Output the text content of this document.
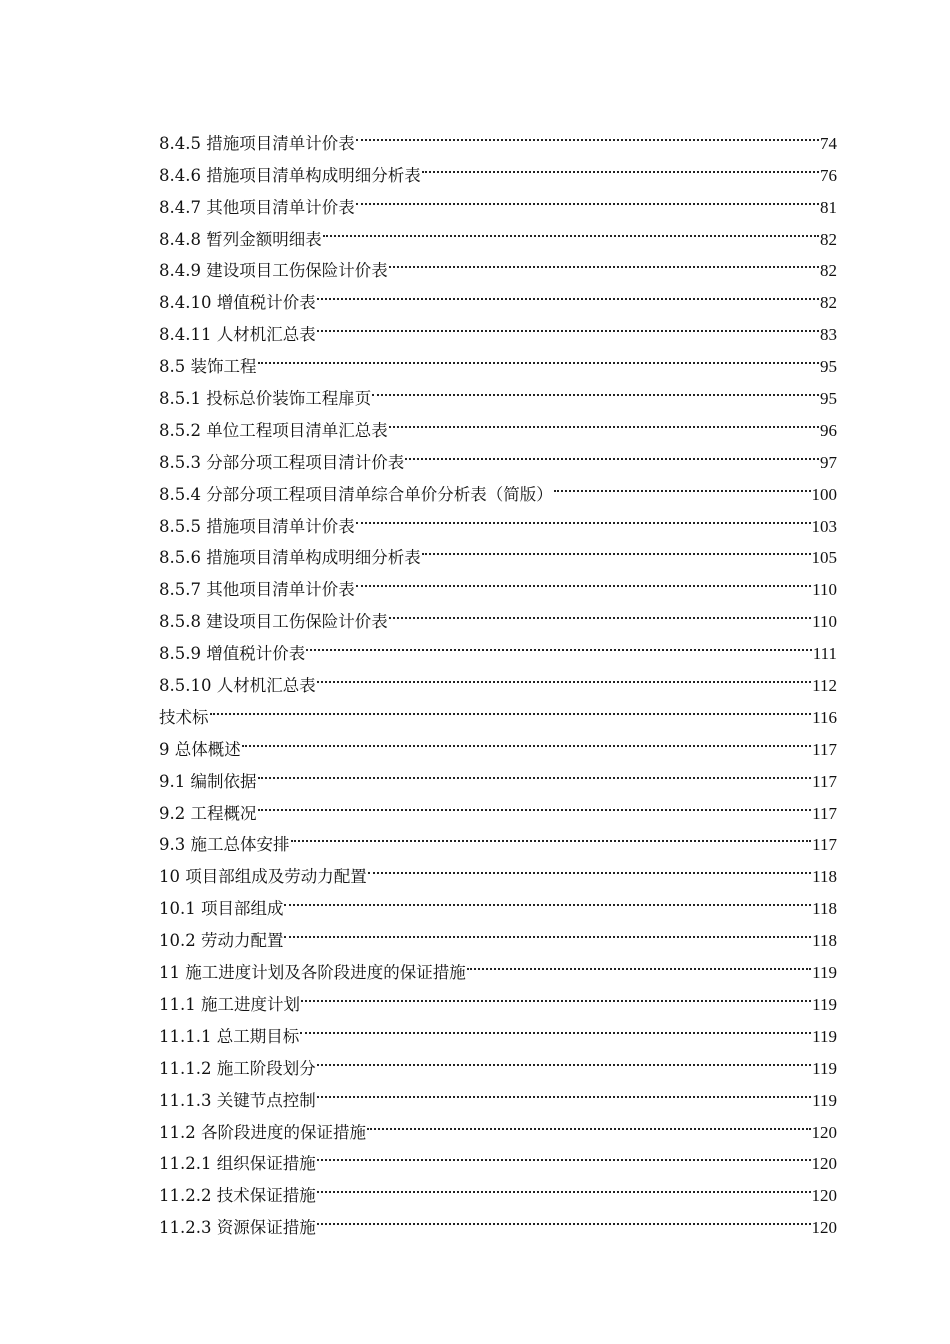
8.4.5 措施项目清单计价表	74
8.4.6 措施项目清单构成明细分析表	76
8.4.7 其他项目清单计价表	81
8.4.8 暂列金额明细表	82
8.4.9 建设项目工伤保险计价表	82
8.4.10 增值税计价表	82
8.4.11 人材机汇总表	83
8.5 装饰工程	95
8.5.1 投标总价装饰工程扉页	95
8.5.2 单位工程项目清单汇总表	96
8.5.3 分部分项工程项目清计价表	97
8.5.4 分部分项工程项目清单综合单价分析表（简版）	100
8.5.5 措施项目清单计价表	103
8.5.6 措施项目清单构成明细分析表	105
8.5.7 其他项目清单计价表	110
8.5.8 建设项目工伤保险计价表	110
8.5.9 增值税计价表	111
8.5.10 人材机汇总表	112
技术标	116
9 总体概述	117
9.1 编制依据	117
9.2 工程概况	117
9.3 施工总体安排	117
10 项目部组成及劳动力配置	118
10.1 项目部组成	118
10.2 劳动力配置	118
11 施工进度计划及各阶段进度的保证措施	119
11.1 施工进度计划	119
11.1.1 总工期目标	119
11.1.2 施工阶段划分	119
11.1.3 关键节点控制	119
11.2 各阶段进度的保证措施	120
11.2.1 组织保证措施	120
11.2.2 技术保证措施	120
11.2.3 资源保证措施	120
